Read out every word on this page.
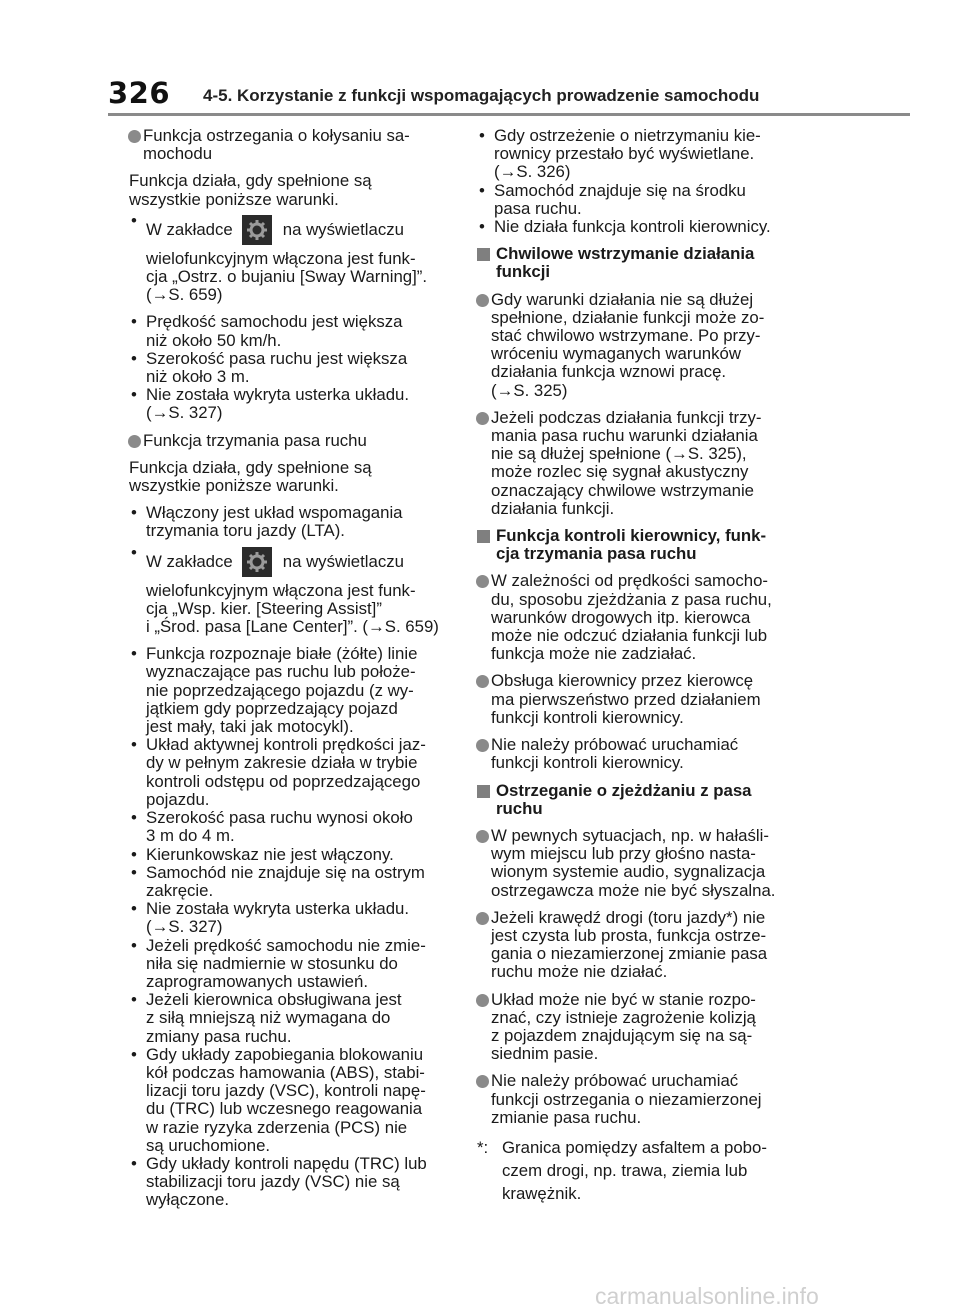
326 4-5. Korzystanie z funkcji wspomagających prowadzenie samochodu

Funkcja ostrzegania o kołysaniu sa-
mochodu

Funkcja działa, gdy spełnione są
wszystkie poniższe warunki.

• W zakładce	na wyświetlaczu
wielofunkcyjnym włączona jest funk-
cja „Ostrz. o bujaniu [Sway Warning]”.
(→S. 659)
• Prędkość samochodu jest większa
niż około 50 km/h.
• Szerokość pasa ruchu jest większa
niż około 3 m.
• Nie została wykryta usterka układu.
(→S. 327)

Funkcja trzymania pasa ruchu

Funkcja działa, gdy spełnione są
wszystkie poniższe warunki.

• Włączony jest układ wspomagania
trzymania toru jazdy (LTA).
• W zakładce	na wyświetlaczu
wielofunkcyjnym włączona jest funk-
cja „Wsp. kier. [Steering Assist]”
i „Środ. pasa [Lane Center]”. (→S. 659)
• Funkcja rozpoznaje białe (żółte) linie
wyznaczające pas ruchu lub położe-
nie poprzedzającego pojazdu (z wy-
jątkiem gdy poprzedzający pojazd
jest mały, taki jak motocykl).
• Układ aktywnej kontroli prędkości jaz-
dy w pełnym zakresie działa w trybie
kontroli odstępu od poprzedzającego
pojazdu.
• Szerokość pasa ruchu wynosi około
3 m do 4 m.
• Kierunkowskaz nie jest włączony.
• Samochód nie znajduje się na ostrym
zakręcie.
• Nie została wykryta usterka układu.
(→S. 327)
• Jeżeli prędkość samochodu nie zmie-
niła się nadmiernie w stosunku do
zaprogramowanych ustawień.
• Jeżeli kierownica obsługiwana jest
z siłą mniejszą niż wymagana do
zmiany pasa ruchu.
• Gdy układy zapobiegania blokowaniu
kół podczas hamowania (ABS), stabi-
lizacji toru jazdy (VSC), kontroli napę-
du (TRC) lub wczesnego reagowania
w razie ryzyka zderzenia (PCS) nie
są uruchomione.
• Gdy układy kontroli napędu (TRC) lub
stabilizacji toru jazdy (VSC) nie są
wyłączone.
• Gdy ostrzeżenie o nietrzymaniu kie-
rownicy przestało być wyświetlane.
(→S. 326)
• Samochód znajduje się na środku
pasa ruchu.
• Nie działa funkcja kontroli kierownicy.

Chwilowe wstrzymanie działania
funkcji

Gdy warunki działania nie są dłużej
spełnione, działanie funkcji może zo-
stać chwilowo wstrzymane. Po przy-
wróceniu wymaganych warunków
działania funkcja wznowi pracę.
(→S. 325)

Jeżeli podczas działania funkcji trzy-
mania pasa ruchu warunki działania
nie są dłużej spełnione (→S. 325),
może rozlec się sygnał akustyczny
oznaczający chwilowe wstrzymanie
działania funkcji.

Funkcja kontroli kierownicy, funk-
cja trzymania pasa ruchu

W zależności od prędkości samocho-
du, sposobu zjeżdżania z pasa ruchu,
warunków drogowych itp. kierowca
może nie odczuć działania funkcji lub
funkcja może nie zadziałać.

Obsługa kierownicy przez kierowcę
ma pierwszeństwo przed działaniem
funkcji kontroli kierownicy.

Nie należy próbować uruchamiać
funkcji kontroli kierownicy.

Ostrzeganie o zjeżdżaniu z pasa
ruchu

W pewnych sytuacjach, np. w hałaśli-
wym miejscu lub przy głośno nasta-
wionym systemie audio, sygnalizacja
ostrzegawcza może nie być słyszalna.

Jeżeli krawędź drogi (toru jazdy*) nie
jest czysta lub prosta, funkcja ostrze-
gania o niezamierzonej zmianie pasa
ruchu może nie działać.

Układ może nie być w stanie rozpo-
znać, czy istnieje zagrożenie kolizją
z pojazdem znajdującym się na są-
siednim pasie.

Nie należy próbować uruchamiać
funkcji ostrzegania o niezamierzonej
zmianie pasa ruchu.

*: Granica pomiędzy asfaltem a pobo-
czem drogi, np. trawa, ziemia lub
krawężnik.

carmanualsonline.info
